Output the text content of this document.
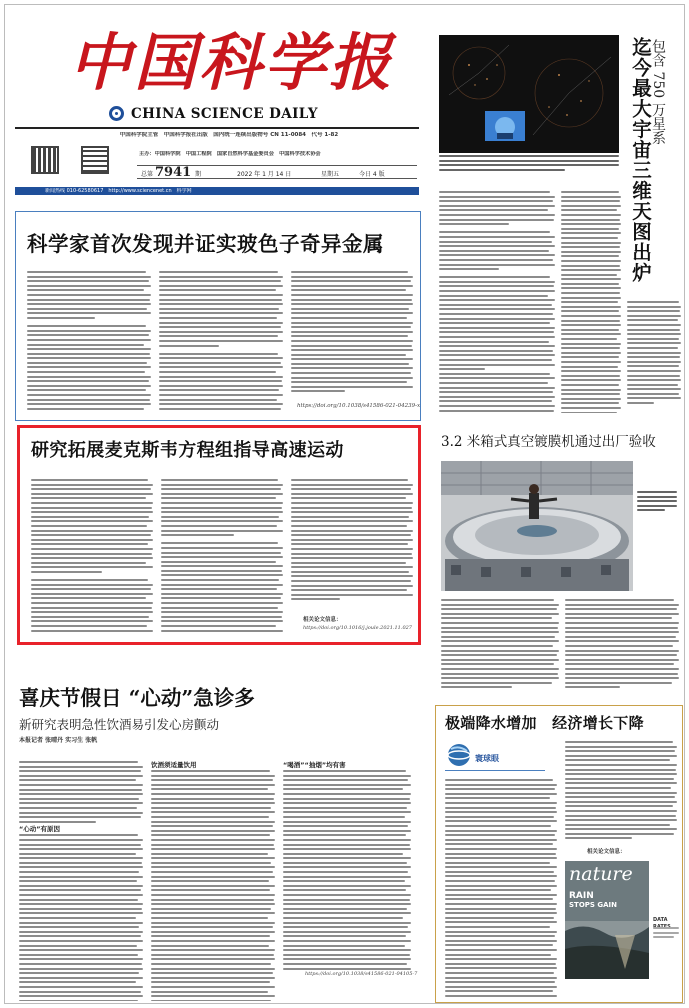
中国科学报
CHINA SCIENCE DAILY
中国科学院主管　中国科学报社出版　国内统一连续出版物号 CN 11-0084　代号 1-82
主办：中国科学院　中国工程院　国家自然科学基金委员会　中国科学技术协会
总第 7941 期	2022 年 1 月 14 日	星期五	今日 4 版
新闻热线 010-62580617　http://www.sciencenet.cn　科学网
包含 750 万星系
迄今最大宇宙三维天图出炉
科学家首次发现并证实玻色子奇异金属
https://doi.org/10.1038/s41586-021-04239-x
研究拓展麦克斯韦方程组指导高速运动
相关论文信息：
https://doi.org/10.1016/j.joule.2021.11.027
3.2 米箱式真空镀膜机通过出厂验收
喜庆节假日 “心动”急诊多
新研究表明急性饮酒易引发心房颤动
本报记者 张晴丹 实习生 张帆
“心动”有原因
饮酒须适量饮用	“喝酒”“抽烟”均有害
https://doi.org/10.1038/s41586-021-04105-7
极端降水增加　经济增长下降
寰球眼
相关论文信息：
nature
RAIN
STOPS GAIN
DATA
